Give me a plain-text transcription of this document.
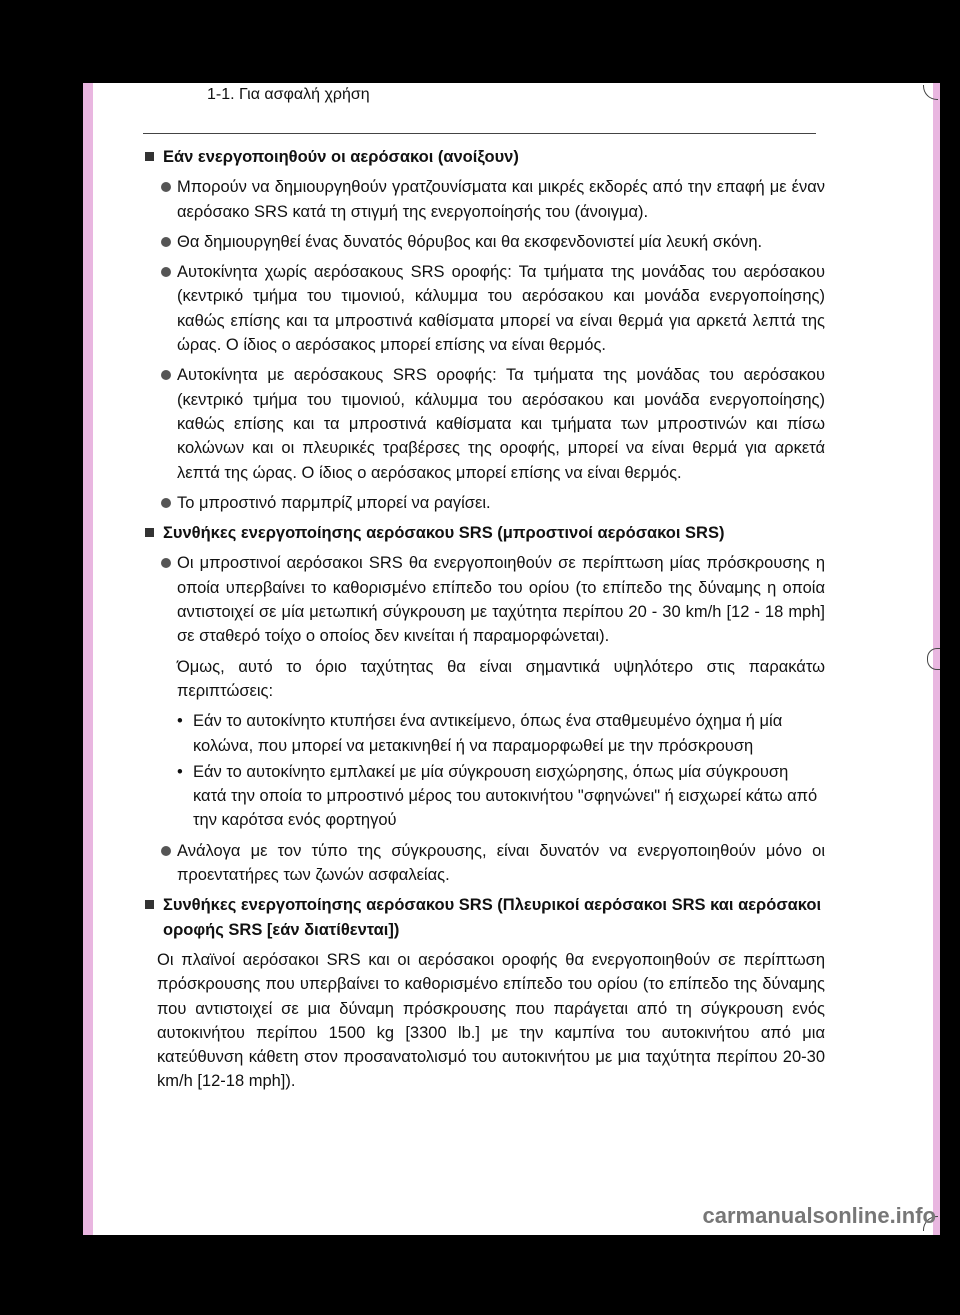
1-1. Για ασφαλή χρήση
Εάν ενεργοποιηθούν οι αερόσακοι (ανοίξουν)
Μπορούν να δημιουργηθούν γρατζουνίσματα και μικρές εκδορές από την επαφή με έναν αερόσακο SRS κατά τη στιγμή της ενεργοποίησής του (άνοιγμα).
Θα δημιουργηθεί ένας δυνατός θόρυβος και θα εκσφενδονιστεί μία λευκή σκόνη.
Αυτοκίνητα χωρίς αερόσακους SRS οροφής: Τα τμήματα της μονάδας του αερόσακου (κεντρικό τμήμα του τιμονιού, κάλυμμα του αερόσακου και μονάδα ενεργοποίησης) καθώς επίσης και τα μπροστινά καθίσματα μπορεί να είναι θερμά για αρκετά λεπτά της ώρας. Ο ίδιος ο αερόσακος μπορεί επίσης να είναι θερμός.
Αυτοκίνητα με αερόσακους SRS οροφής: Τα τμήματα της μονάδας του αερόσακου (κεντρικό τμήμα του τιμονιού, κάλυμμα του αερόσακου και μονάδα ενεργοποίησης) καθώς επίσης και τα μπροστινά καθίσματα και τμήματα των μπροστινών και πίσω κολώνων και οι πλευρικές τραβέρσες της οροφής, μπορεί να είναι θερμά για αρκετά λεπτά της ώρας. Ο ίδιος ο αερόσακος μπορεί επίσης να είναι θερμός.
Το μπροστινό παρμπρίζ μπορεί να ραγίσει.
Συνθήκες ενεργοποίησης αερόσακου SRS (μπροστινοί αερόσακοι SRS)
Οι μπροστινοί αερόσακοι SRS θα ενεργοποιηθούν σε περίπτωση μίας πρόσκρουσης η οποία υπερβαίνει το καθορισμένο επίπεδο του ορίου (το επίπεδο της δύναμης η οποία αντιστοιχεί σε μία μετωπική σύγκρουση με ταχύτητα περίπου 20 - 30 km/h [12 - 18 mph] σε σταθερό τοίχο ο οποίος δεν κινείται ή παραμορφώνεται).
Όμως, αυτό το όριο ταχύτητας θα είναι σημαντικά υψηλότερο στις παρακάτω περιπτώσεις:
• Εάν το αυτοκίνητο κτυπήσει ένα αντικείμενο, όπως ένα σταθμευμένο όχημα ή μία κολώνα, που μπορεί να μετακινηθεί ή να παραμορφωθεί με την πρόσκρουση
• Εάν το αυτοκίνητο εμπλακεί με μία σύγκρουση εισχώρησης, όπως μία σύγκρουση κατά την οποία το μπροστινό μέρος του αυτοκινήτου "σφηνώνει" ή εισχωρεί κάτω από την καρότσα ενός φορτηγού
Ανάλογα με τον τύπο της σύγκρουσης, είναι δυνατόν να ενεργοποιηθούν μόνο οι προεντατήρες των ζωνών ασφαλείας.
Συνθήκες ενεργοποίησης αερόσακου SRS (Πλευρικοί αερόσακοι SRS και αερόσακοι οροφής SRS [εάν διατίθενται])
Οι πλαϊνοί αερόσακοι SRS και οι αερόσακοι οροφής θα ενεργοποιηθούν σε περίπτωση πρόσκρουσης που υπερβαίνει το καθορισμένο επίπεδο του ορίου (το επίπεδο της δύναμης που αντιστοιχεί σε μια δύναμη πρόσκρουσης που παράγεται από τη σύγκρουση ενός αυτοκινήτου περίπου 1500 kg [3300 lb.] με την καμπίνα του αυτοκινήτου από μια κατεύθυνση κάθετη στον προσανατολισμό του αυτοκινήτου με μια ταχύτητα περίπου 20-30 km/h [12-18 mph]).
carmanualsonline.info
